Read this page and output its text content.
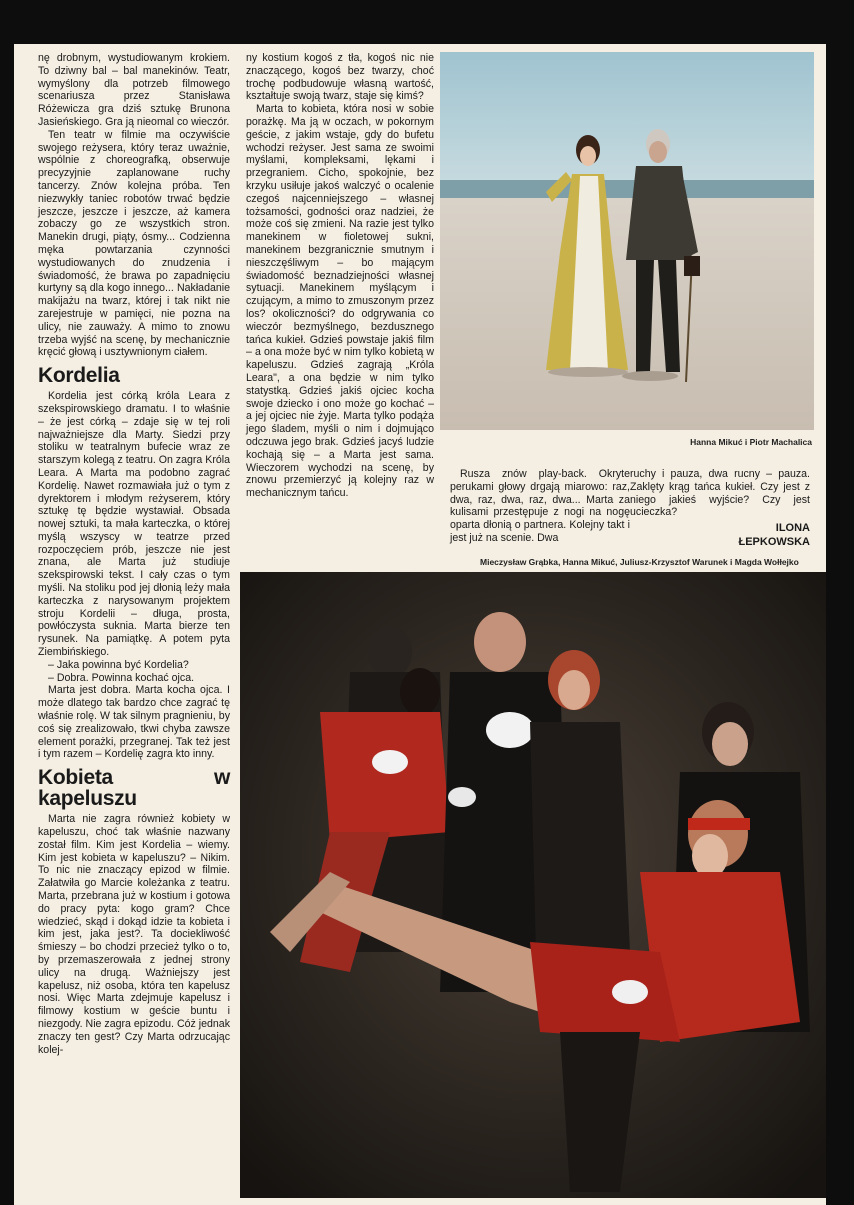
nę drobnym, wystudiowanym krokiem. To dziwny bal – bal manekinów. Teatr, wymyślony dla potrzeb filmowego scenariusza przez Stanisława Różewicza gra dziś sztukę Brunona Jasieńskiego. Gra ją nieomal co wieczór.

Ten teatr w filmie ma oczywiście swojego reżysera, który teraz uważnie, wspólnie z choreografką, obserwuje precyzyjnie zaplanowane ruchy tancerzy. Znów kolejna próba. Ten niezwykły taniec robotów trwać będzie jeszcze, jeszcze i jeszcze, aż kamera zobaczy go ze wszystkich stron. Manekin drugi, piąty, ósmy... Codzienna męka powtarzania czynności wystudiowanych do znudzenia i świadomość, że brawa po zapadnięciu kurtyny są dla kogo innego... Nakładanie makijażu na twarz, której i tak nikt nie zarejestruje w pamięci, nie pozna na ulicy, nie zauważy. A mimo to znowu trzeba wyjść na scenę, by mechanicznie kręcić głową i usztywnionym ciałem.

Kordelia

Kordelia jest córką króla Leara z szekspirowskiego dramatu. I to właśnie – że jest córką – zdaje się w tej roli najważniejsze dla Marty. Siedzi przy stoliku w teatralnym bufecie wraz ze starszym kolegą z teatru. On zagra Króla Leara. A Marta ma podobno zagrać Kordelię. Nawet rozmawiała już o tym z dyrektorem i młodym reżyserem, który sztukę tę będzie wystawiał. Obsada nowej sztuki, ta mała karteczka, o której myślą wszyscy w teatrze przed rozpoczęciem prób, jeszcze nie jest znana, ale Marta już studiuje szekspirowski tekst. I cały czas o tym myśli. Na stoliku pod jej dłonią leży mała karteczka z narysowanym projektem stroju Kordelii – długa, prosta, powłóczysta suknia. Marta bierze ten rysunek. Na pamiątkę. A potem pyta Ziembińskiego.

– Jaka powinna być Kordelia?

– Dobra. Powinna kochać ojca.

Marta jest dobra. Marta kocha ojca. I może dlatego tak bardzo chce zagrać tę właśnie rolę. W tak silnym pragnieniu, by coś się zrealizowało, tkwi chyba zawsze element porażki, przegranej. Tak też jest i tym razem – Kordelię zagra kto inny.

Kobieta w kapeluszu

Marta nie zagra również kobiety w kapeluszu, choć tak właśnie nazwany został film. Kim jest Kordelia – wiemy. Kim jest kobieta w kapeluszu? – Nikim. To nic nie znaczący epizod w filmie. Załatwiła go Marcie koleżanka z teatru. Marta, przebrana już w kostium i gotowa do pracy pyta: kogo gram? Chce wiedzieć, skąd i dokąd idzie ta kobieta i kim jest, jaka jest?. Ta dociekliwość śmieszy – bo chodzi przecież tylko o to, by przemaszerowała z jednej strony ulicy na drugą. Ważniejszy jest kapelusz, niż osoba, która ten kapelusz nosi. Więc Marta zdejmuje kapelusz i filmowy kostium w geście buntu i niezgody. Nie zagra epizodu. Cóż jednak znaczy ten gest? Czy Marta odrzucając kolej-

ny kostium kogoś z tła, kogoś nic nie znaczącego, kogoś bez twarzy, choć trochę podbudowuje własną wartość, kształtuje swoją twarz, staje się kimś?

Marta to kobieta, która nosi w sobie porażkę. Ma ją w oczach, w pokornym geście, z jakim wstaje, gdy do bufetu wchodzi reżyser. Jest sama ze swoimi myślami, kompleksami, lękami i przegraniem. Cicho, spokojnie, bez krzyku usiłuje jakoś walczyć o ocalenie czegoś najcenniejszego – własnej tożsamości, godności oraz nadziei, że może coś się zmieni. Na razie jest tylko manekinem w fioletowej sukni, manekinem bezgranicznie smutnym i nieszczęśliwym – bo mającym świadomość beznadziejności własnej sytuacji. Manekinem myślącym i czującym, a mimo to zmuszonym przez los? okoliczności? do odgrywania co wieczór bezmyślnego, bezdusznego tańca kukieł. Gdzieś powstaje jakiś film – a ona może być w nim tylko kobietą w kapeluszu. Gdzieś zagrają „Króla Leara", a ona będzie w nim tylko statystką. Gdzieś jakiś ojciec kocha swoje dziecko i ono może go kochać – a jej ojciec nie żyje. Marta tylko podąża jego śladem, myśli o nim i dojmująco odczuwa jego brak. Gdzieś jacyś ludzie kochają się – a Marta jest sama. Wieczorem wychodzi na scenę, by znowu przemierzyć ją kolejny raz w mechanicznym tańcu.

Hanna Mikuć i Piotr Machalica

Rusza znów play-back. Okryte perukami głowy drgają miarowo: raz, dwa, raz, dwa, raz, dwa... Marta za kulisami przestępuje z nogi na nogę oparta dłonią o partnera. Kolejny takt i jest już na scenie. Dwa

ruchy i pauza, dwa rucny – pauza. Zaklęty krąg tańca kukieł. Czy jest z niego jakieś wyjście? Czy jest ucieczka?

ILONA
ŁEPKOWSKA
Mieczysław Grąbka, Hanna Mikuć, Juliusz-Krzysztof Warunek i Magda Wołłejko
